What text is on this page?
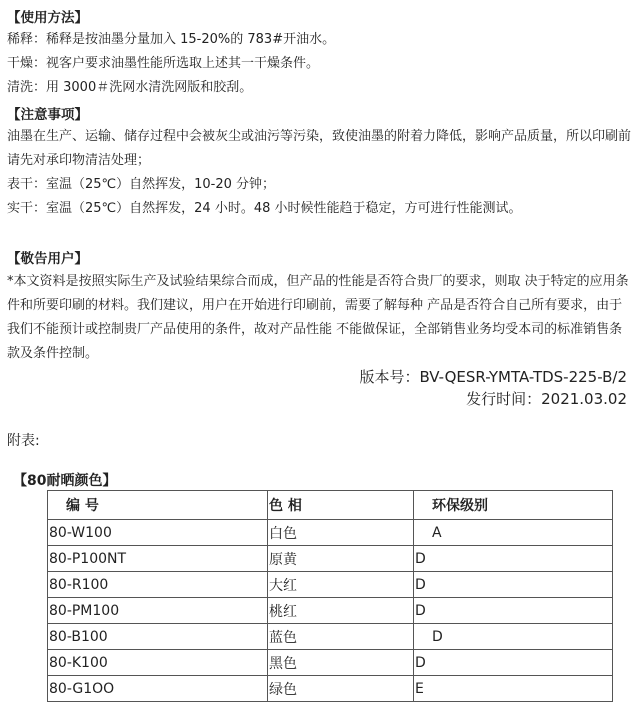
【使用方法】
稀释：稀释是按油墨分量加入 15-20%的 783#开油水。
干燥：视客户要求油墨性能所选取上述其一干燥条件。
清洗：用 3000＃洗网水清洗网版和胶刮。
【注意事项】
油墨在生产、运输、储存过程中会被灰尘或油污等污染，致使油墨的附着力降低，影响产品质量，所以印刷前请先对承印物清洁处理；
表干：室温（25℃）自然挥发，10-20 分钟；
实干：室温（25℃）自然挥发，24 小时。48 小时候性能趋于稳定，方可进行性能测试。
【敬告用户】
*本文资料是按照实际生产及试验结果综合而成，但产品的性能是否符合贵厂的要求，则取 决于特定的应用条件和所要印刷的材料。我们建议，用户在开始进行印刷前，需要了解每种 产品是否符合自己所有要求，由于我们不能预计或控制贵厂产品使用的条件，故对产品性能 不能做保证，全部销售业务均受本司的标准销售条款及条件控制。
版本号：BV-QESR-YMTA-TDS-225-B/2
发行时间：2021.03.02
附表:
【80耐晒颜色】
编 号	色 相	环保级别
80-W100	白色	A
80-P100NT	原黄	D
80-R100	大红	D
80-PM100	桃红	D
80-B100	蓝色	D
80-K100	黑色	D
80-G1OO	绿色	E
